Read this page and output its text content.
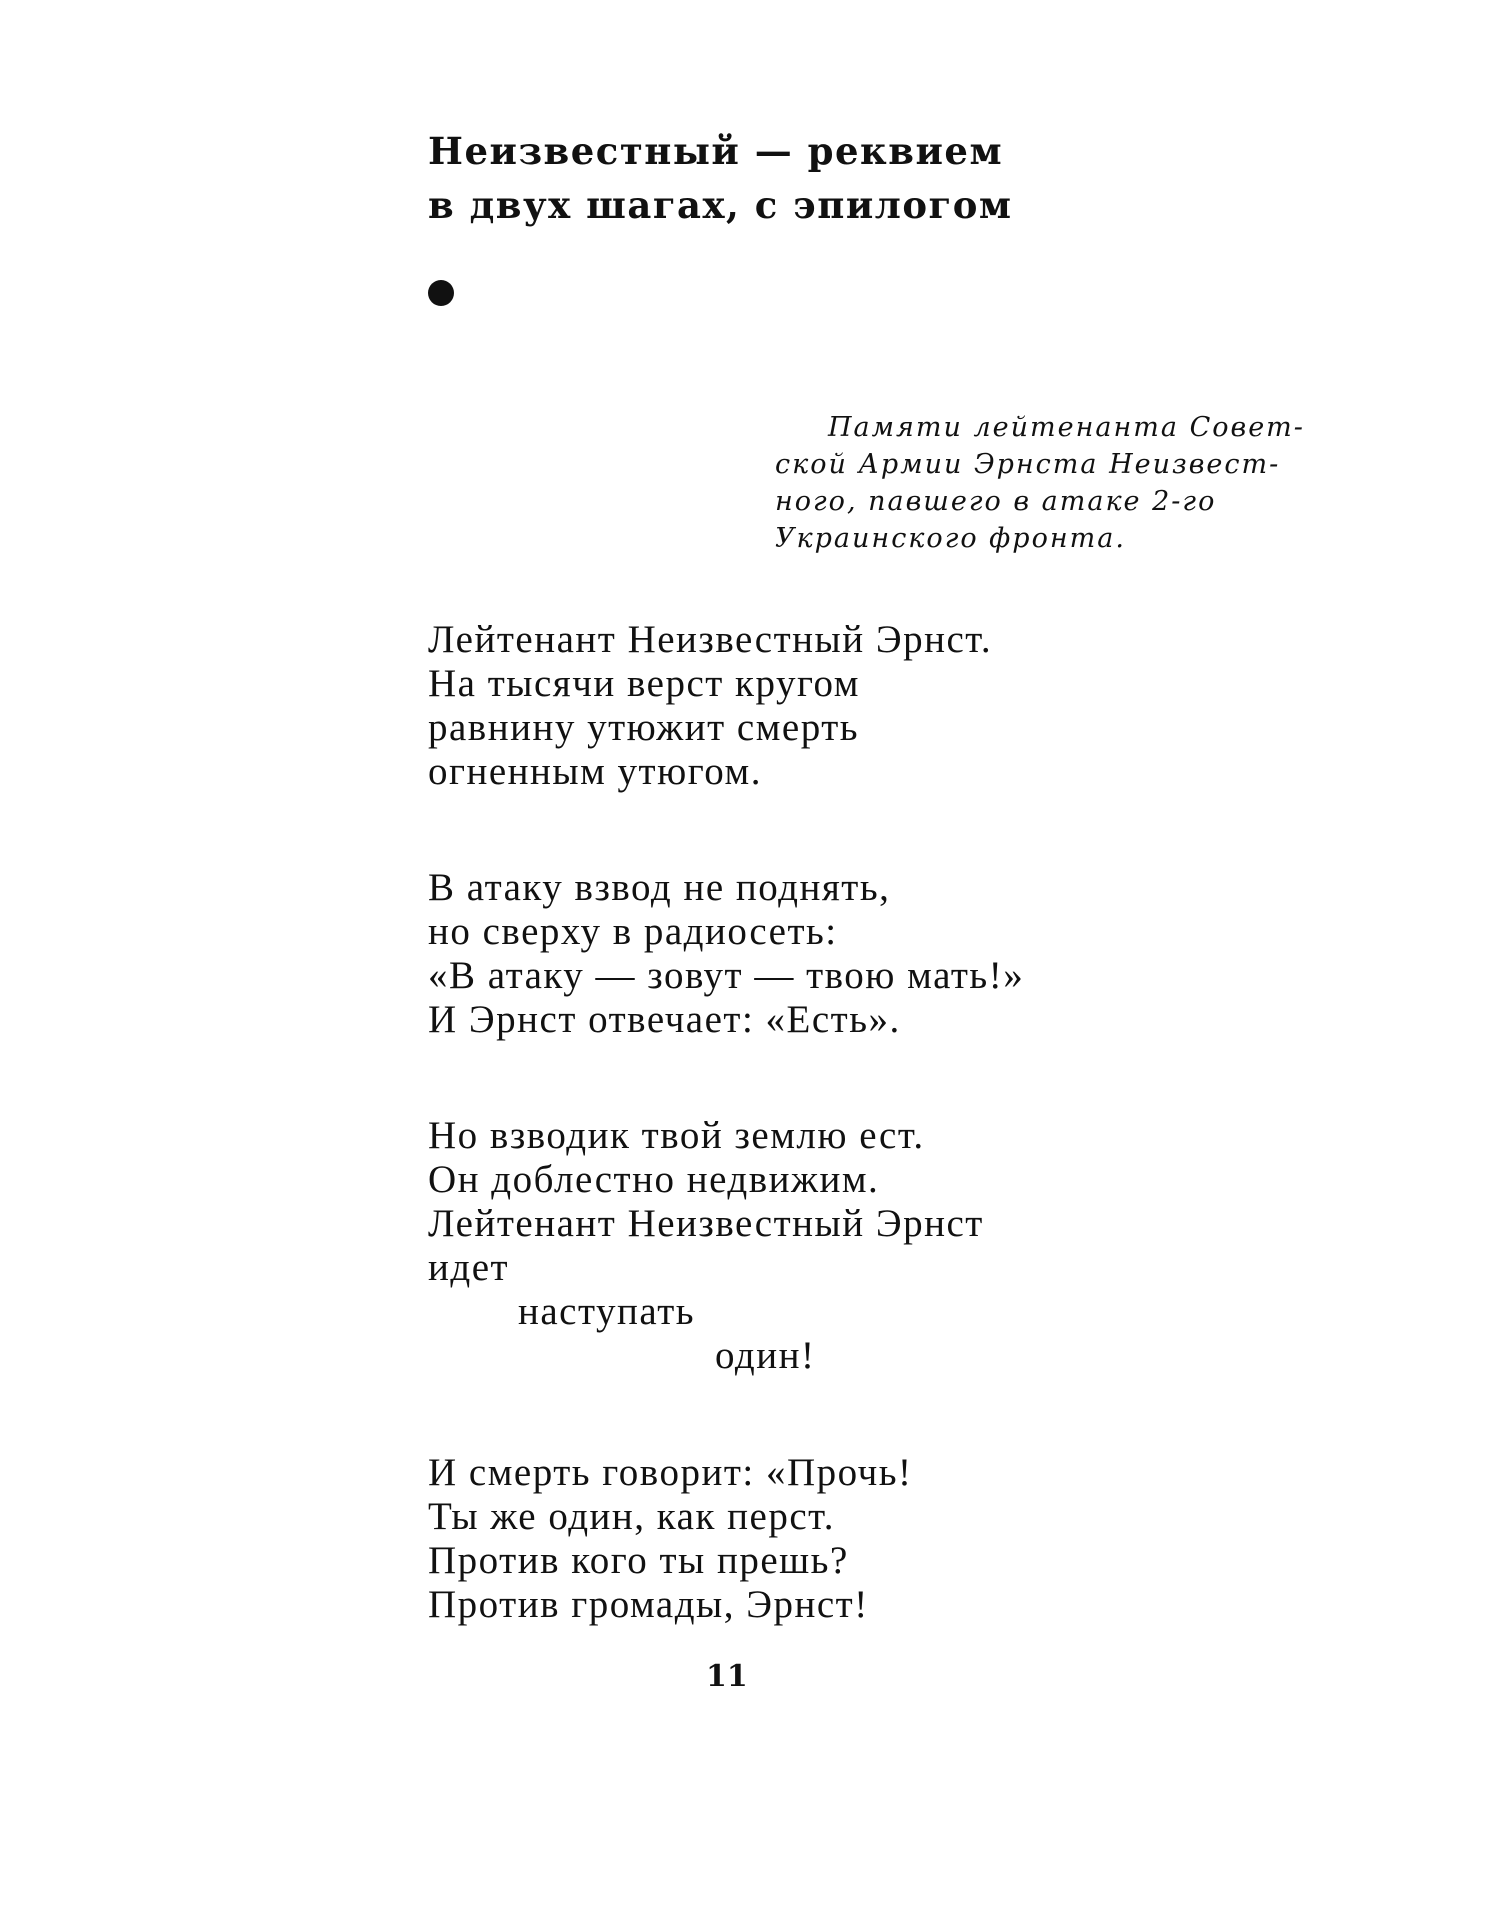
Неизвестный — реквием
в двух шагах, с эпилогом
Памяти лейтенанта Совет-
ской Армии Эрнста Неизвест-
ного, павшего в атаке 2-го
Украинского фронта.
Лейтенант Неизвестный Эрнст.
На тысячи верст кругом
равнину утюжит смерть
огненным утюгом.
В атаку взвод не поднять,
но сверху в радиосеть:
«В атаку — зовут — твою мать!»
И Эрнст отвечает: «Есть».
Но взводик твой землю ест.
Он доблестно недвижим.
Лейтенант Неизвестный Эрнст
идет
наступать
один!
И смерть говорит: «Прочь!
Ты же один, как перст.
Против кого ты прешь?
Против громады, Эрнст!
11
